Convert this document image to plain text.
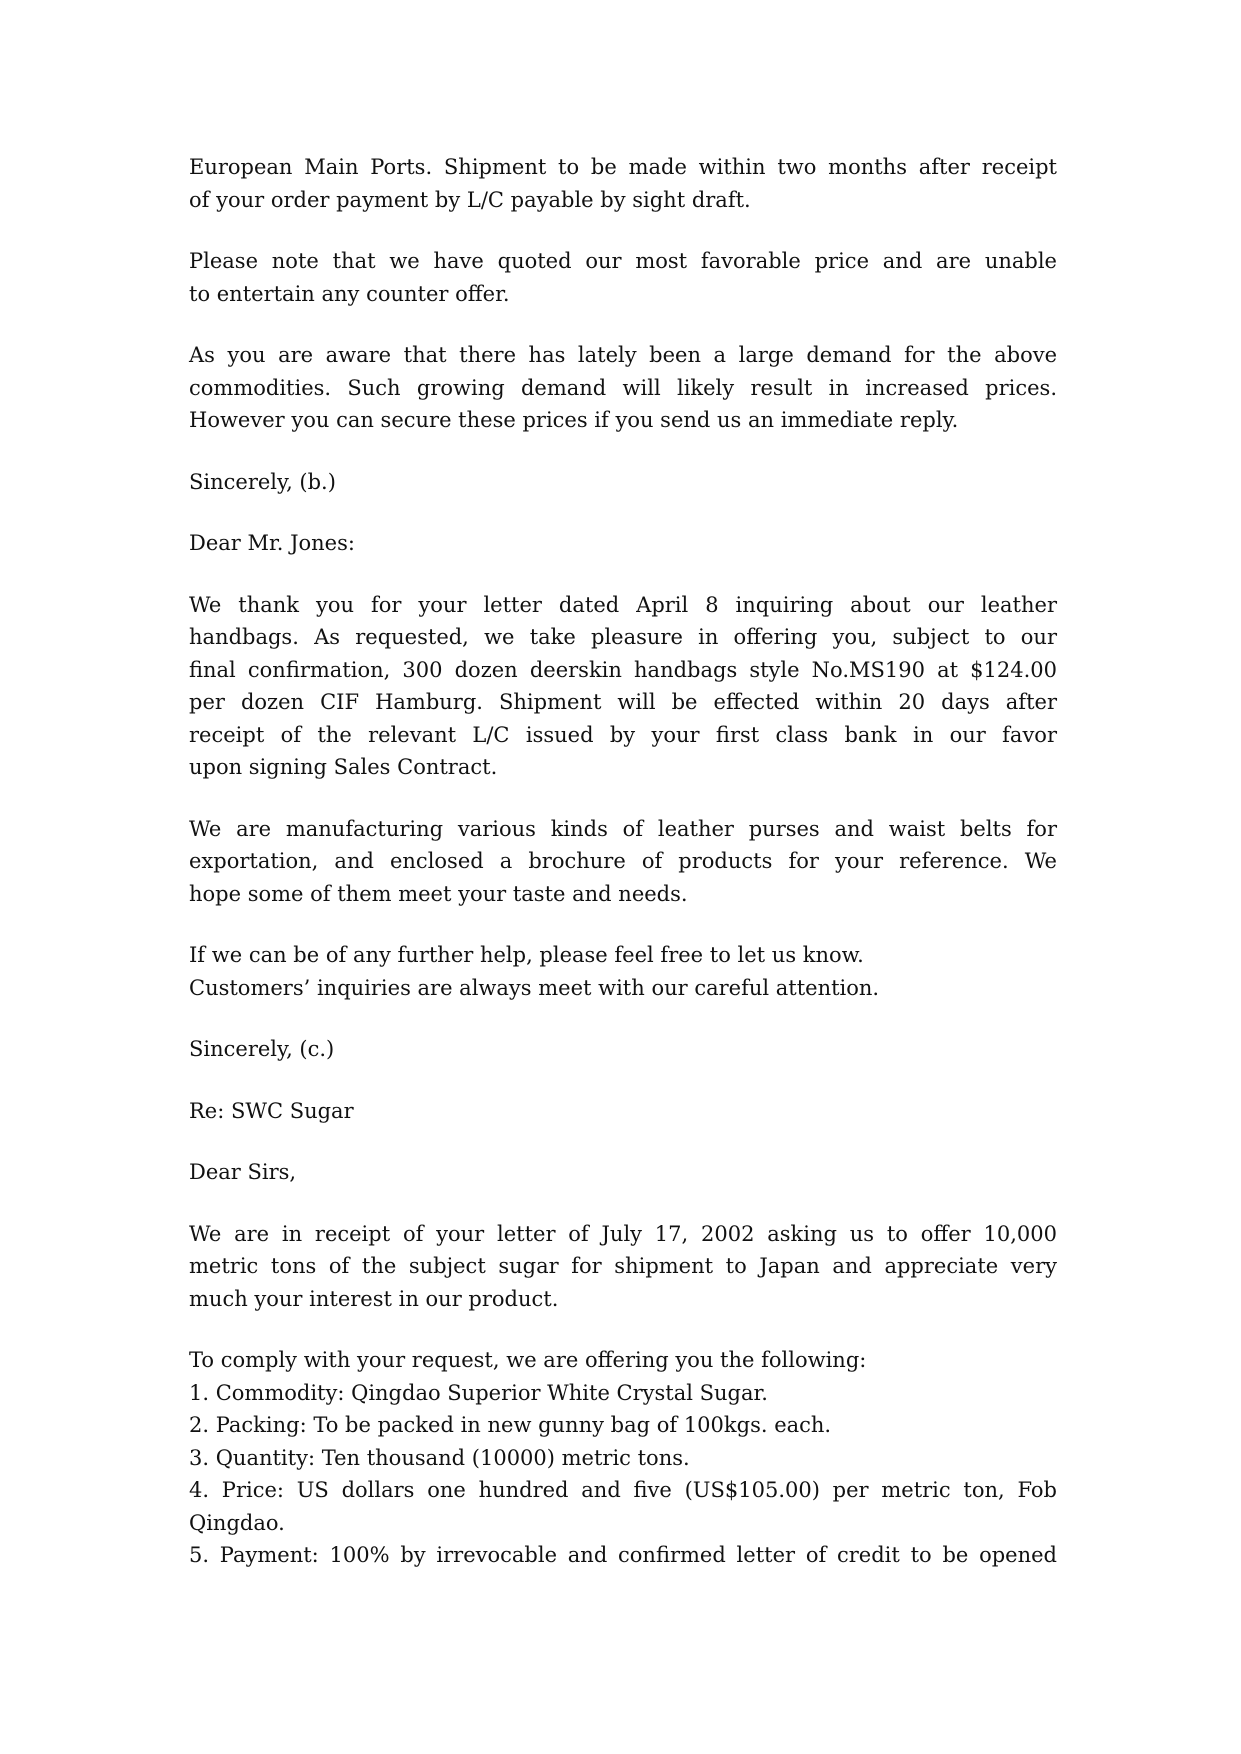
European Main Ports. Shipment to be made within two months after receipt
of your order payment by L/C payable by sight draft.
Please note that we have quoted our most favorable price and are unable
to entertain any counter offer.
As you are aware that there has lately been a large demand for the above
commodities. Such growing demand will likely result in increased prices.
However you can secure these prices if you send us an immediate reply.
Sincerely, (b.)
Dear Mr. Jones:
We thank you for your letter dated April 8 inquiring about our leather
handbags. As requested, we take pleasure in offering you, subject to our
final confirmation, 300 dozen deerskin handbags style No.MS190 at $124.00
per dozen CIF Hamburg. Shipment will be effected within 20 days after
receipt of the relevant L/C issued by your first class bank in our favor
upon signing Sales Contract.
We are manufacturing various kinds of leather purses and waist belts for
exportation, and enclosed a brochure of products for your reference. We
hope some of them meet your taste and needs.
If we can be of any further help, please feel free to let us know.
Customers’ inquiries are always meet with our careful attention.
Sincerely, (c.)
Re: SWC Sugar
Dear Sirs,
We are in receipt of your letter of July 17, 2002 asking us to offer 10,000
metric tons of the subject sugar for shipment to Japan and appreciate very
much your interest in our product.
To comply with your request, we are offering you the following:
1. Commodity: Qingdao Superior White Crystal Sugar.
2. Packing: To be packed in new gunny bag of 100kgs. each.
3. Quantity: Ten thousand (10000) metric tons.
4. Price: US dollars one hundred and five (US$105.00) per metric ton, Fob
Qingdao.
5. Payment: 100% by irrevocable and confirmed letter of credit to be opened
